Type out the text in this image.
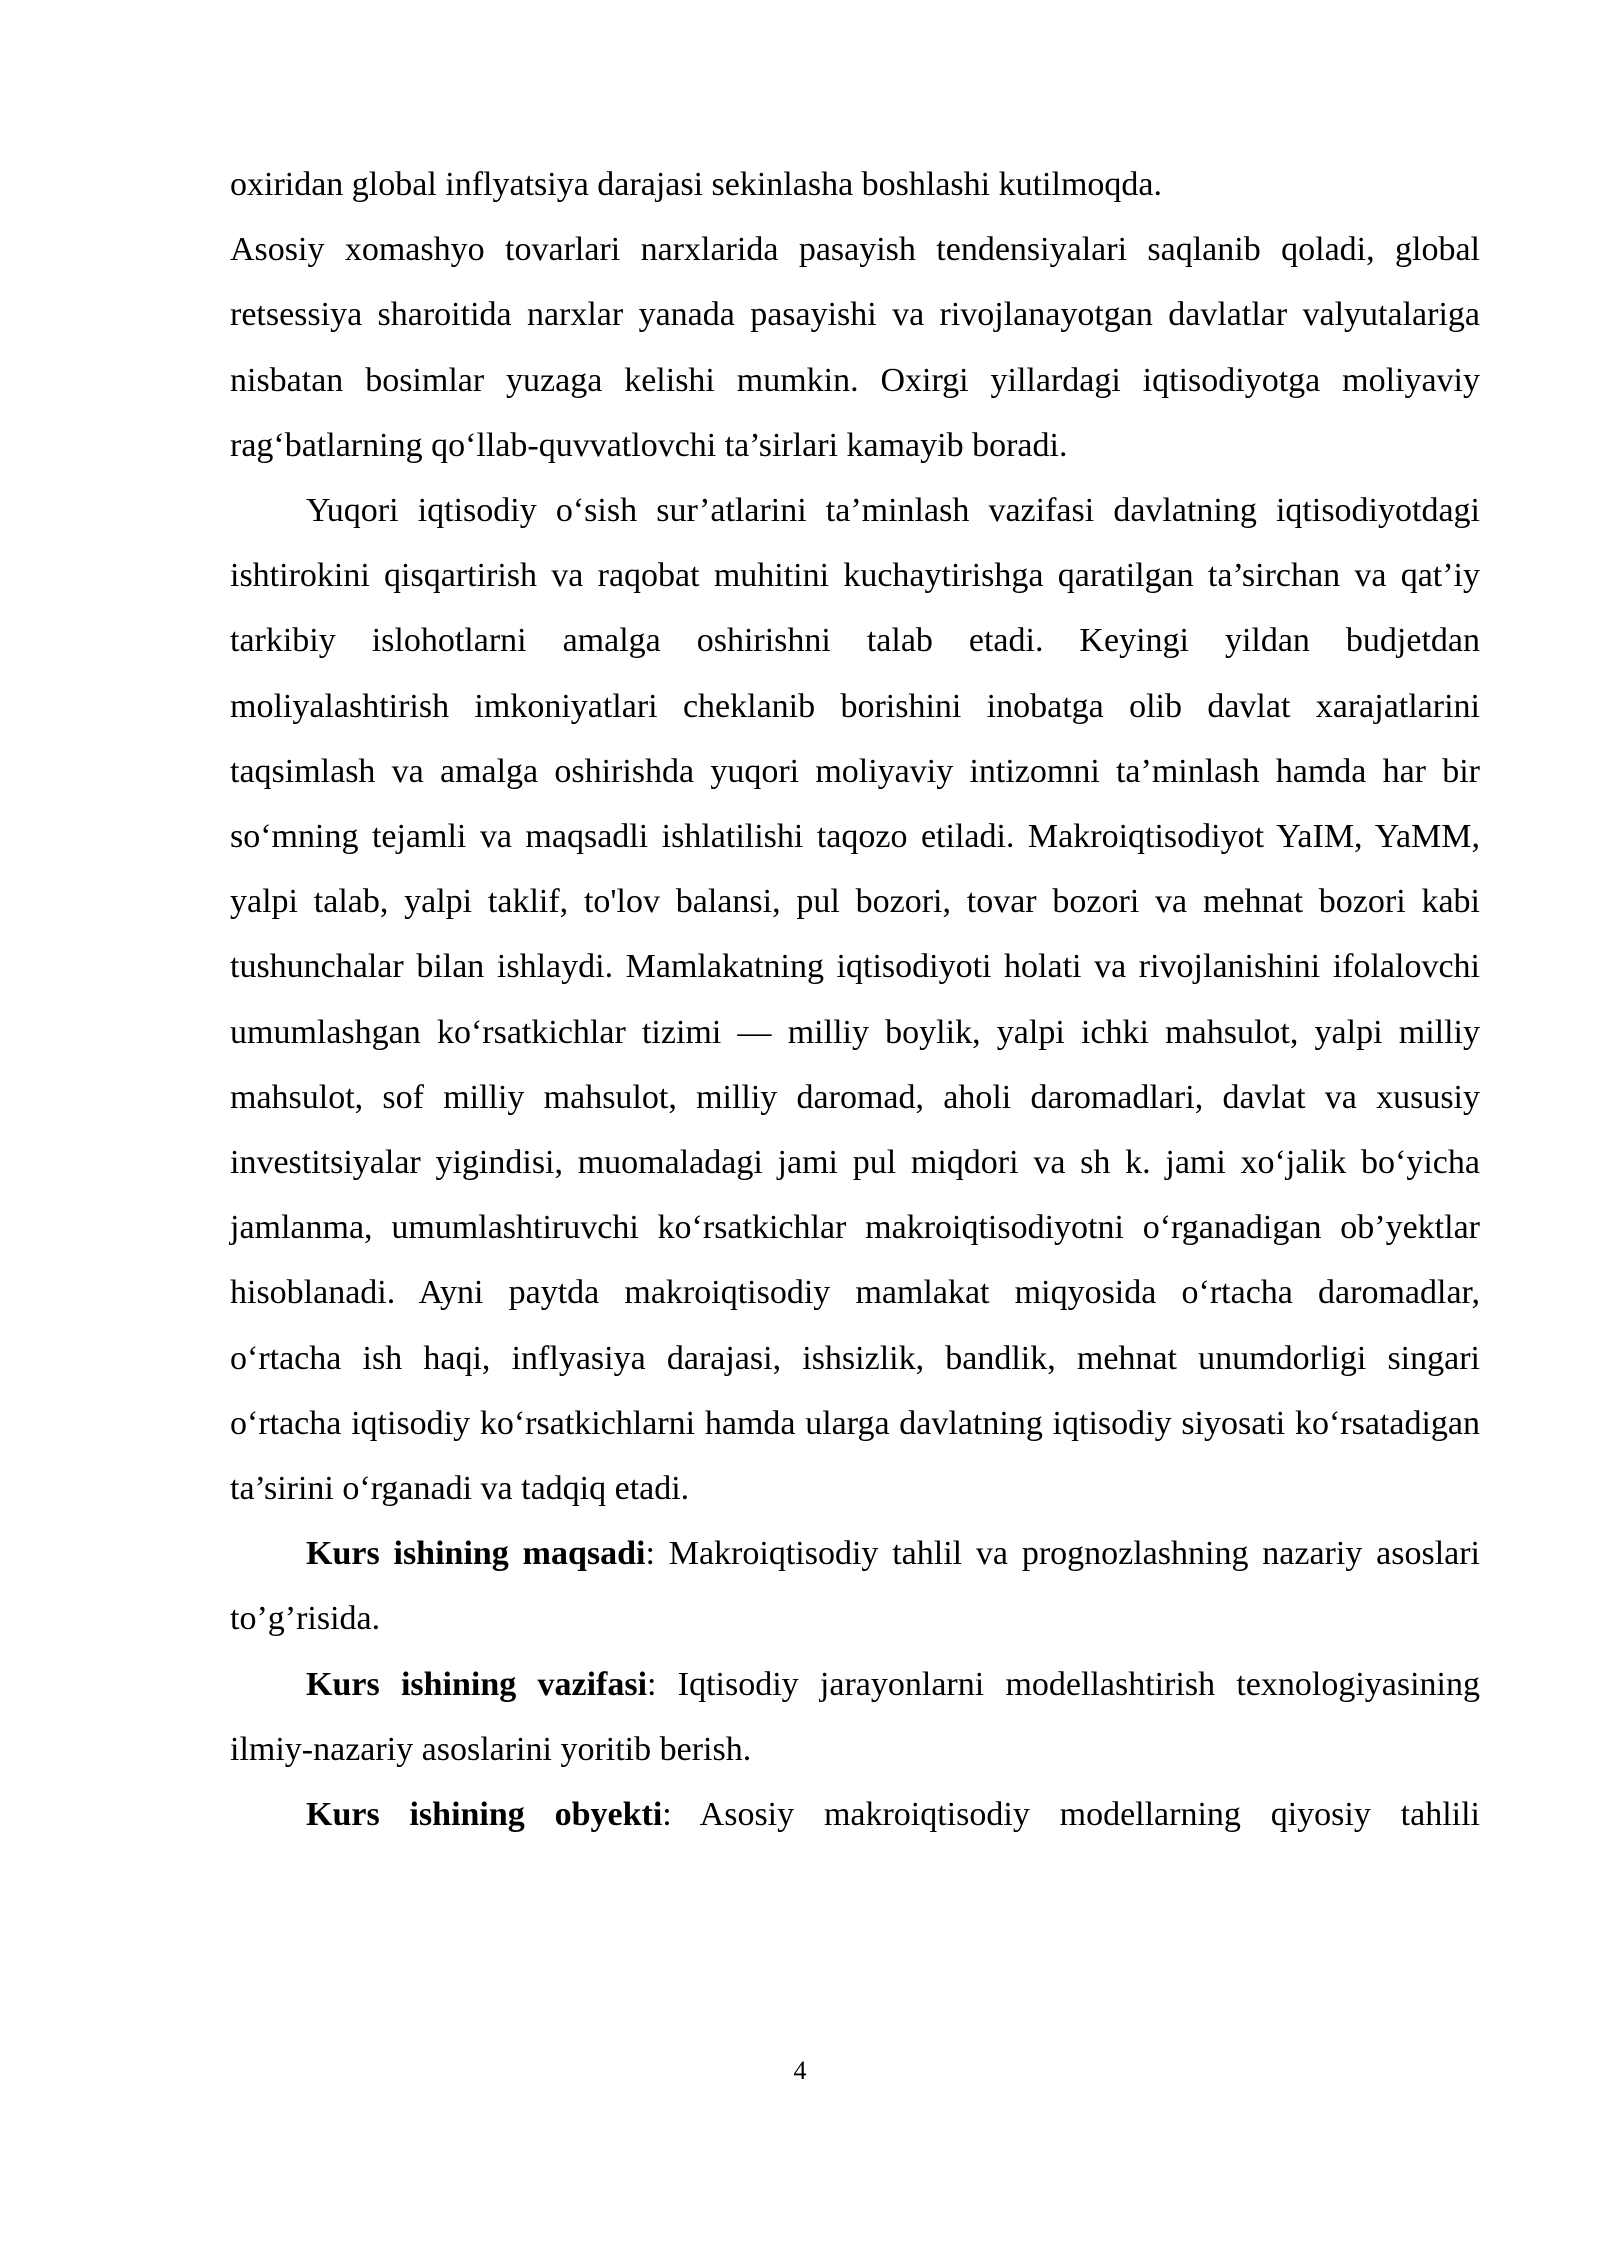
oxiridan global inflyatsiya darajasi sekinlasha boshlashi kutilmoqda.

Asosiy xomashyo tovarlari narxlarida pasayish tendensiyalari saqlanib qoladi, global retsessiya sharoitida narxlar yanada pasayishi va rivojlanayotgan davlatlar valyutalariga nisbatan bosimlar yuzaga kelishi mumkin. Oxirgi yillardagi iqtisodiyotga moliyaviy rag‘batlarning qo‘llab-quvvatlovchi ta’sirlari kamayib boradi.

Yuqori iqtisodiy o‘sish sur’atlarini ta’minlash vazifasi davlatning iqtisodiyotdagi ishtirokini qisqartirish va raqobat muhitini kuchaytirishga qaratilgan ta’sirchan va qat’iy tarkibiy islohotlarni amalga oshirishni talab etadi. Keyingi yildan budjetdan moliyalashtirish imkoniyatlari cheklanib borishini inobatga olib davlat xarajatlarini taqsimlash va amalga oshirishda yuqori moliyaviy intizomni ta’minlash hamda har bir so‘mning tejamli va maqsadli ishlatilishi taqozo etiladi. Makroiqtisodiyot YaIM, YaMM, yalpi talab, yalpi taklif, to'lov balansi, pul bozori, tovar bozori va mehnat bozori kabi tushunchalar bilan ishlaydi. Mamlakatning iqtisodiyoti holati va rivojlanishini ifolalovchi umumlashgan ko‘rsatkichlar tizimi — milliy boylik, yalpi ichki mahsulot, yalpi milliy mahsulot, sof milliy mahsulot, milliy daromad, aholi daromadlari, davlat va xususiy investitsiyalar yigindisi, muomaladagi jami pul miqdori va sh k. jami xo‘jalik bo‘yicha jamlanma, umumlashtiruvchi ko‘rsatkichlar makroiqtisodiyotni o‘rganadigan ob’yektlar hisoblanadi. Ayni paytda makroiqtisodiy mamlakat miqyosida o‘rtacha daromadlar, o‘rtacha ish haqi, inflyasiya darajasi, ishsizlik, bandlik, mehnat unumdorligi singari o‘rtacha iqtisodiy ko‘rsatkichlarni hamda ularga davlatning iqtisodiy siyosati ko‘rsatadigan ta’sirini o‘rganadi va tadqiq etadi.

Kurs ishining maqsadi: Makroiqtisodiy tahlil va prognozlashning nazariy asoslari to’g’risida.

Kurs ishining vazifasi: Iqtisodiy jarayonlarni modellashtirish texnologiyasining ilmiy-nazariy asoslarini yoritib berish.

Kurs ishining obyekti: Asosiy makroiqtisodiy modellarning qiyosiy tahlili

4
